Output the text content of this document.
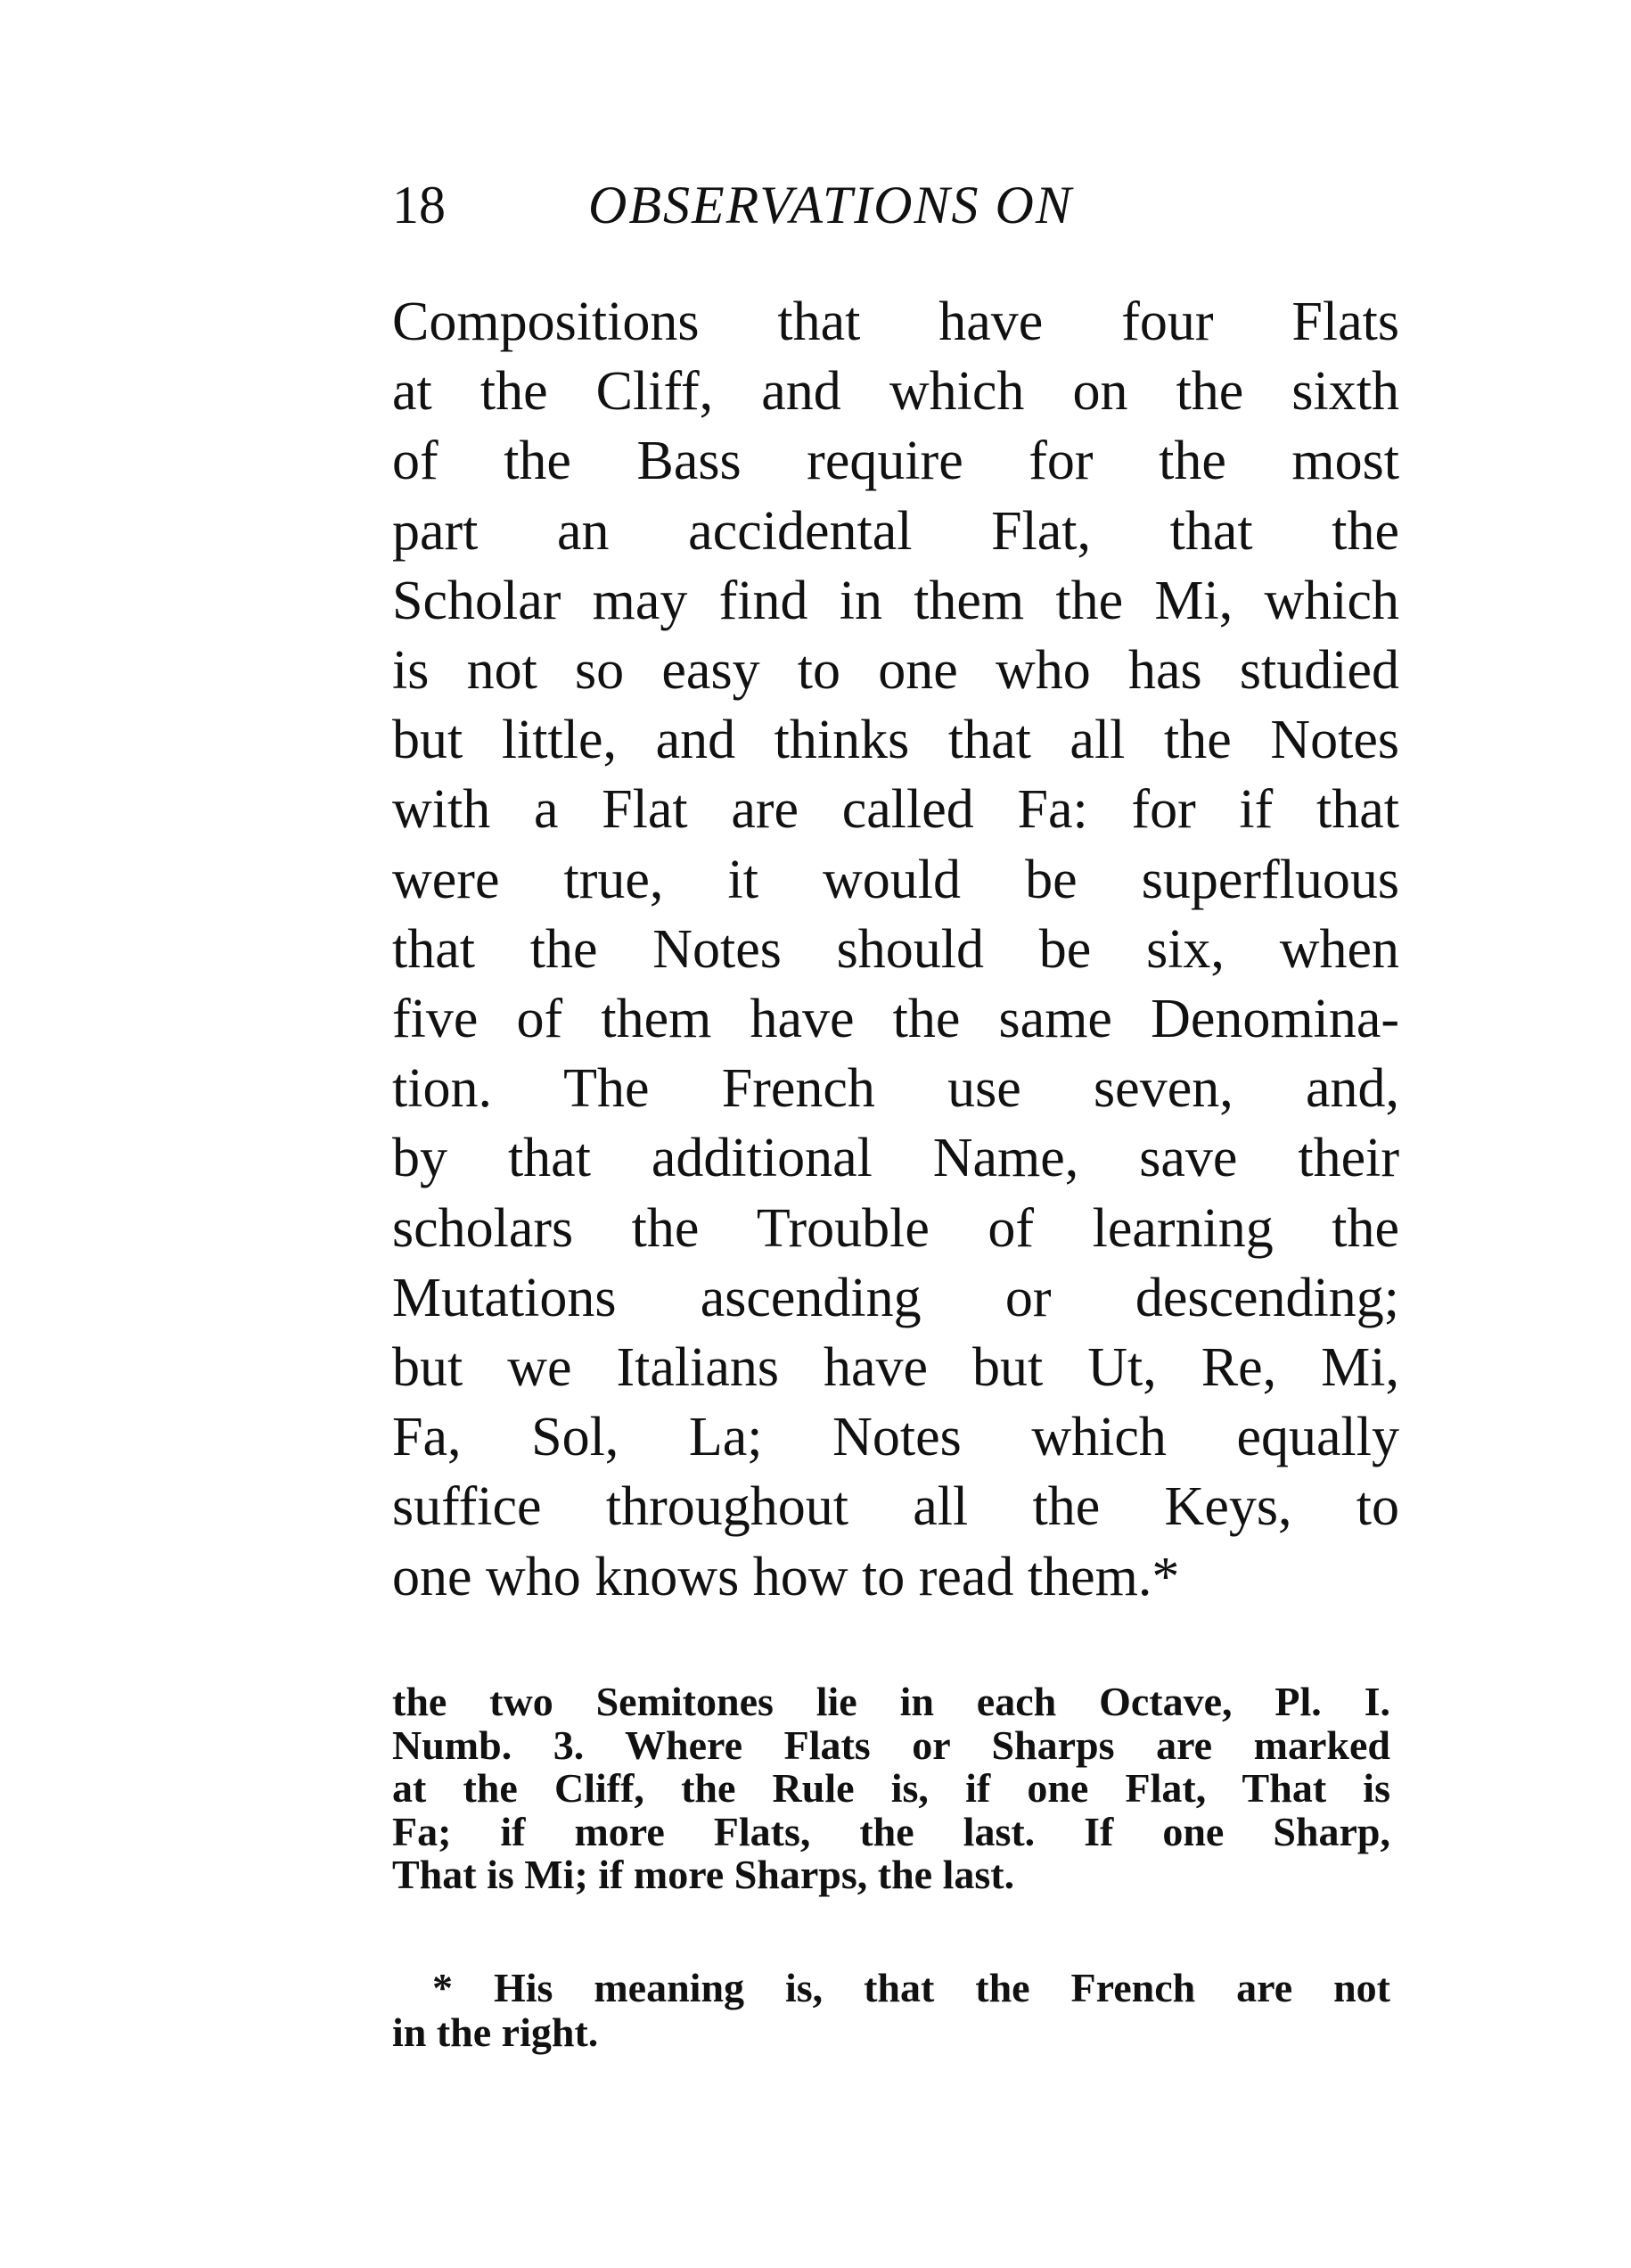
18	OBSERVATIONS ON
Compositions that have four Flats
at the Cliff, and which on the sixth
of the Bass require for the most
part an accidental Flat, that the
Scholar may find in them the Mi, which
is not so easy to one who has studied
but little, and thinks that all the Notes
with a Flat are called Fa: for if that
were true, it would be superfluous
that the Notes should be six, when
five of them have the same Denomina-
tion. The French use seven, and,
by that additional Name, save their
scholars the Trouble of learning the
Mutations ascending or descending;
but we Italians have but Ut, Re, Mi,
Fa, Sol, La; Notes which equally
suffice throughout all the Keys, to
one who knows how to read them.*
the two Semitones lie in each Octave, Pl. I.
Numb. 3. Where Flats or Sharps are marked
at the Cliff, the Rule is, if one Flat, That is
Fa; if more Flats, the last. If one Sharp,
That is Mi; if more Sharps, the last.
* His meaning is, that the French are not
in the right.
